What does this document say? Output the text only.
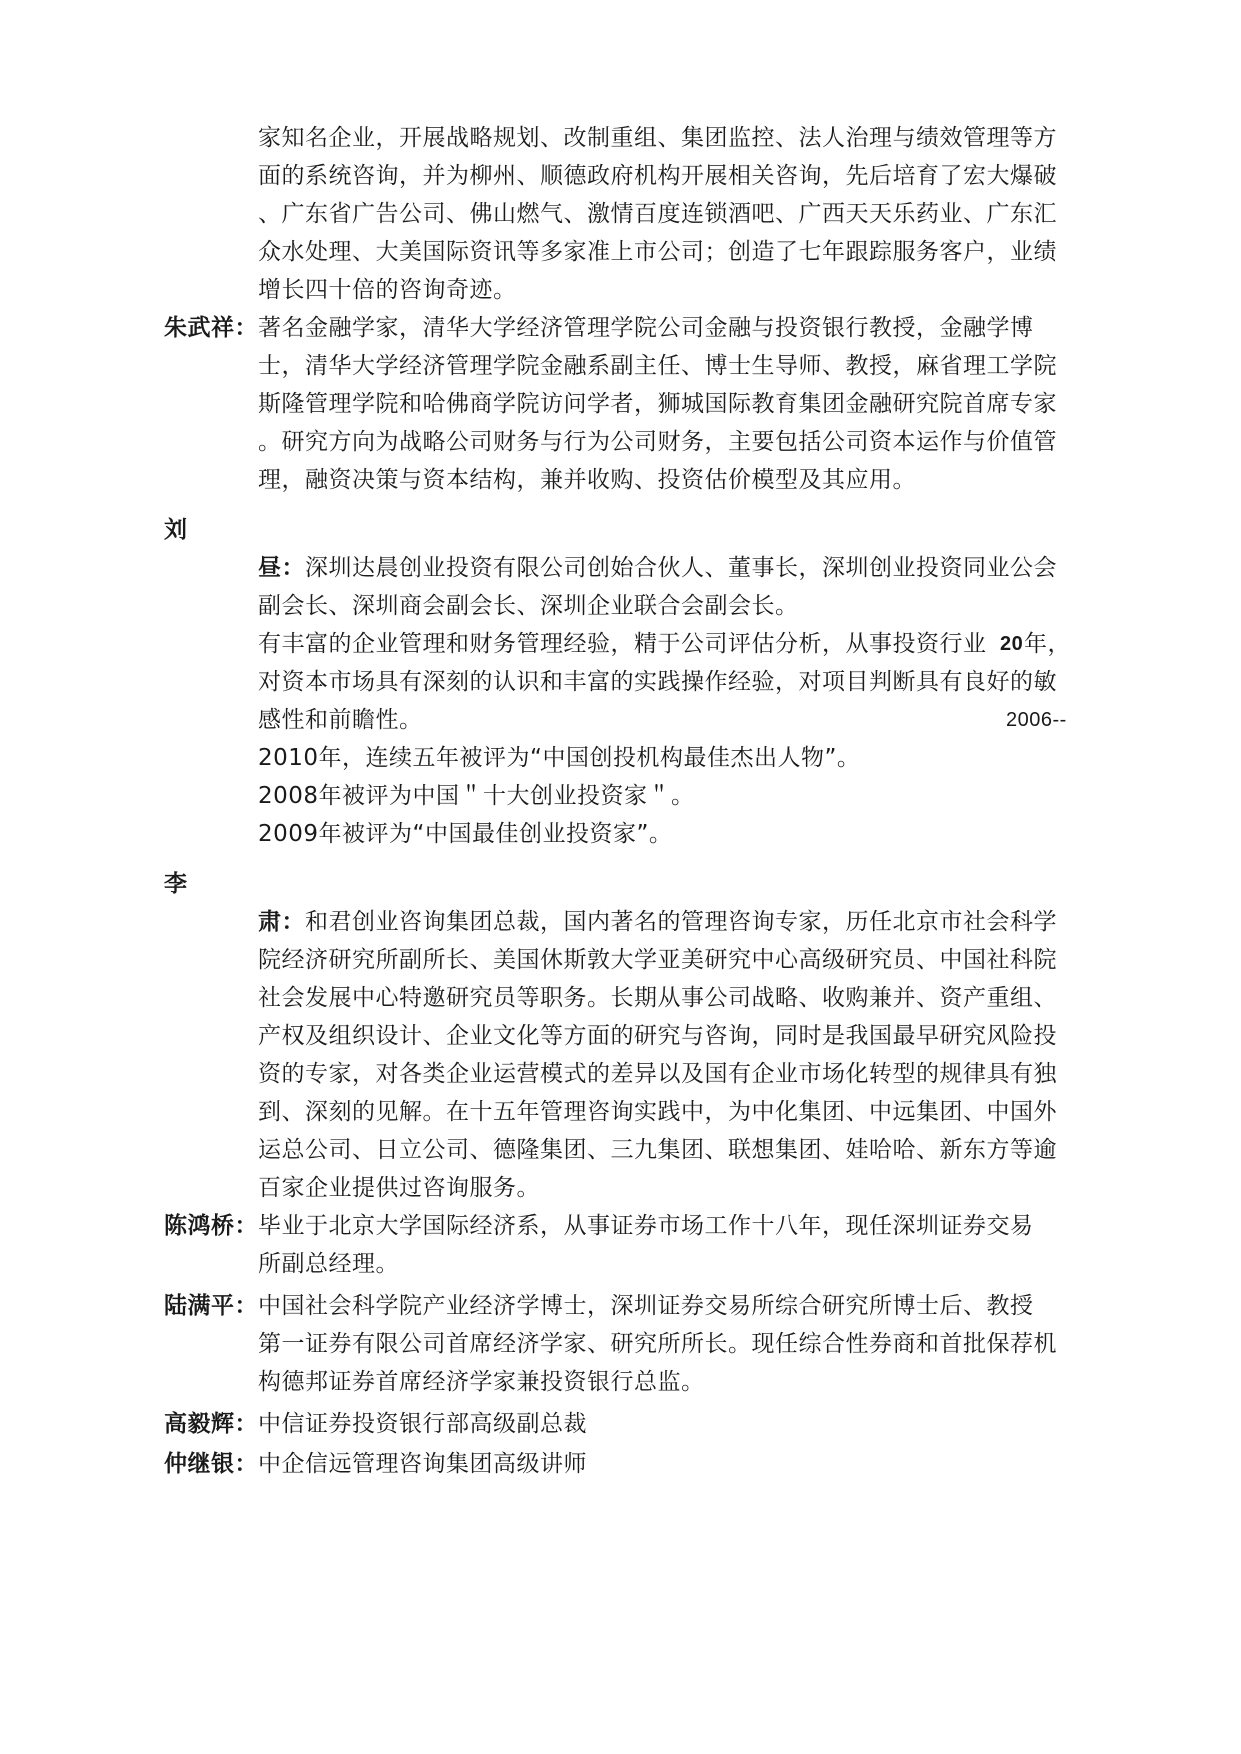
家知名企业，开展战略规划、改制重组、集团监控、法人治理与绩效管理等方
面的系统咨询，并为柳州、顺德政府机构开展相关咨询，先后培育了宏大爆破
、广东省广告公司、佛山燃气、激情百度连锁酒吧、广西天天乐药业、广东汇
众水处理、大美国际资讯等多家准上市公司；创造了七年跟踪服务客户，业绩
增长四十倍的咨询奇迹。
朱武祥：著名金融学家，清华大学经济管理学院公司金融与投资银行教授，金融学博
士，清华大学经济管理学院金融系副主任、博士生导师、教授，麻省理工学院
斯隆管理学院和哈佛商学院访问学者，狮城国际教育集团金融研究院首席专家
。研究方向为战略公司财务与行为公司财务，主要包括公司资本运作与价值管
理，融资决策与资本结构，兼并收购、投资估价模型及其应用。
刘
昼：深圳达晨创业投资有限公司创始合伙人、董事长，深圳创业投资同业公会
副会长、深圳商会副会长、深圳企业联合会副会长。
有丰富的企业管理和财务管理经验，精于公司评估分析，从事投资行业 20 年，
对资本市场具有深刻的认识和丰富的实践操作经验，对项目判断具有良好的敏
感性和前瞻性。	2006--
2010年，连续五年被评为“中国创投机构最佳杰出人物”。
2008年被评为中国＂十大创业投资家＂。
2009年被评为“中国最佳创业投资家”。
李
肃：和君创业咨询集团总裁，国内著名的管理咨询专家，历任北京市社会科学
院经济研究所副所长、美国休斯敦大学亚美研究中心高级研究员、中国社科院
社会发展中心特邀研究员等职务。长期从事公司战略、收购兼并、资产重组、
产权及组织设计、企业文化等方面的研究与咨询，同时是我国最早研究风险投
资的专家，对各类企业运营模式的差异以及国有企业市场化转型的规律具有独
到、深刻的见解。在十五年管理咨询实践中，为中化集团、中远集团、中国外
运总公司、日立公司、德隆集团、三九集团、联想集团、娃哈哈、新东方等逾
百家企业提供过咨询服务。
陈鸿桥：毕业于北京大学国际经济系，从事证券市场工作十八年，现任深圳证券交易
所副总经理。
陆满平：中国社会科学院产业经济学博士，深圳证券交易所综合研究所博士后、教授
第一证券有限公司首席经济学家、研究所所长。现任综合性券商和首批保荐机
构德邦证券首席经济学家兼投资银行总监。
高毅辉：中信证券投资银行部高级副总裁
仲继银：中企信远管理咨询集团高级讲师
